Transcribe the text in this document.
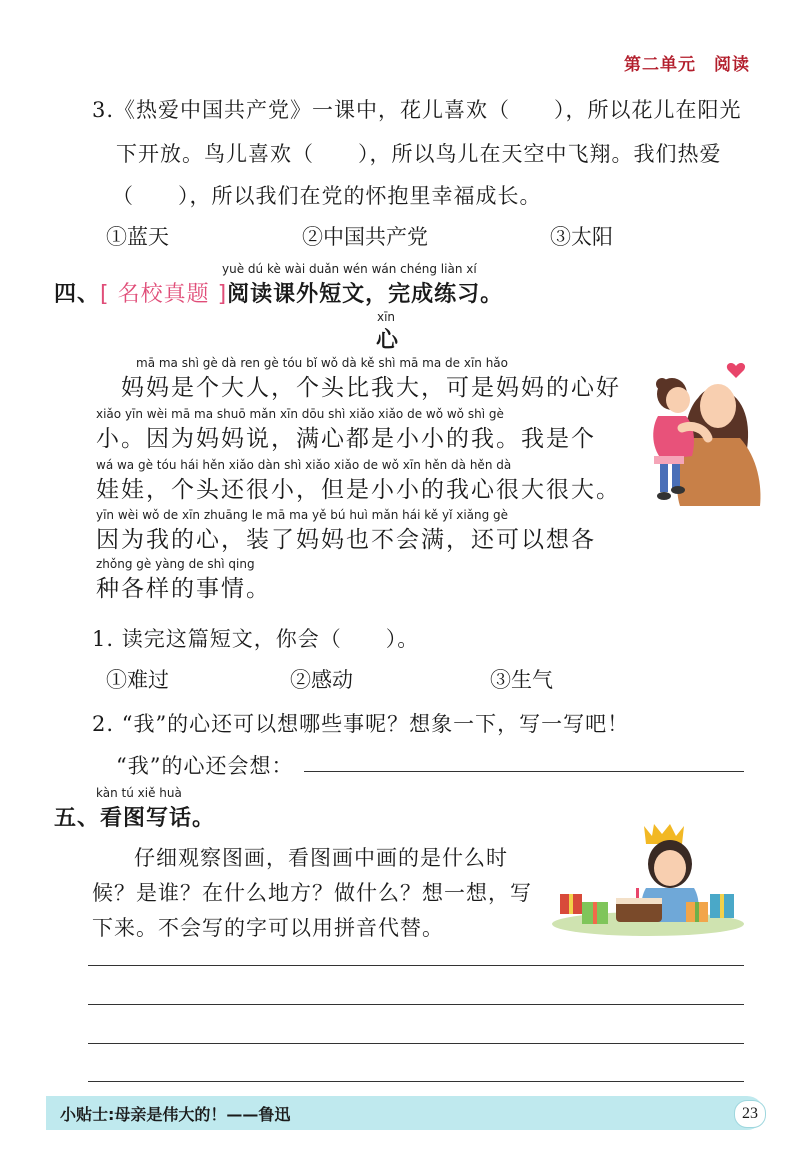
第二单元　阅读
3.《热爱中国共产党》一课中，花儿喜欢（　　），所以花儿在阳光
下开放。鸟儿喜欢（　　），所以鸟儿在天空中飞翔。我们热爱
（　　），所以我们在党的怀抱里幸福成长。
①蓝天	②中国共产党	③太阳
yuè dú kè wài duǎn wén wán chéng liàn xí
四、[ 名校真题 ]阅读课外短文，完成练习。
xīn
心
mā ma shì gè dà ren gè tóu bǐ wǒ dà kě shì mā ma de xīn hǎo
　妈妈是个大人，个头比我大，可是妈妈的心好
xiǎo yīn wèi mā ma shuō mǎn xīn dōu shì xiǎo xiǎo de wǒ wǒ shì gè
小。因为妈妈说，满心都是小小的我。我是个
wá wa gè tóu hái hěn xiǎo dàn shì xiǎo xiǎo de wǒ xīn hěn dà hěn dà
娃娃，个头还很小，但是小小的我心很大很大。
yīn wèi wǒ de xīn zhuāng le mā ma yě bú huì mǎn hái kě yǐ xiǎng gè
因为我的心，装了妈妈也不会满，还可以想各
zhǒng gè yàng de shì qing
种各样的事情。
1. 读完这篇短文，你会（　　）。
①难过	②感动	③生气
2. “我”的心还可以想哪些事呢？想象一下，写一写吧！
“我”的心还会想：
kàn tú xiě huà
五、看图写话。
仔细观察图画，看图画中画的是什么时
候？是谁？在什么地方？做什么？想一想，写
下来。不会写的字可以用拼音代替。
小贴士:母亲是伟大的！——鲁迅	23
